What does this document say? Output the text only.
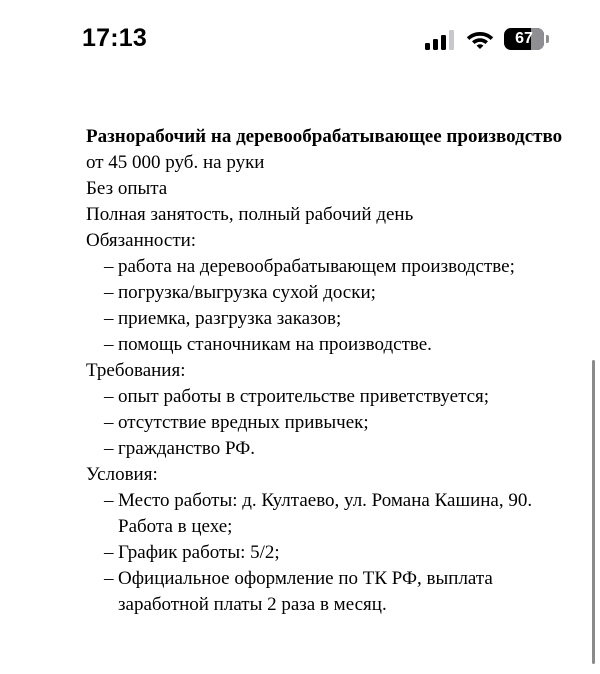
17:13	67

Разнорабочий на деревообрабатывающее производство

от 45 000 руб. на руки

Без опыта

Полная занятость, полный рабочий день

Обязанности:

– работа на деревообрабатывающем производстве;
– погрузка/выгрузка сухой доски;
– приемка, разгрузка заказов;
– помощь станочникам на производстве.

Требования:

– опыт работы в строительстве приветствуется;
– отсутствие вредных привычек;
– гражданство РФ.

Условия:

– Место работы: д. Култаево, ул. Романа Кашина, 90. Работа в цехе;
– График работы: 5/2;
– Официальное оформление по ТК РФ, выплата заработной платы 2 раза в месяц.
